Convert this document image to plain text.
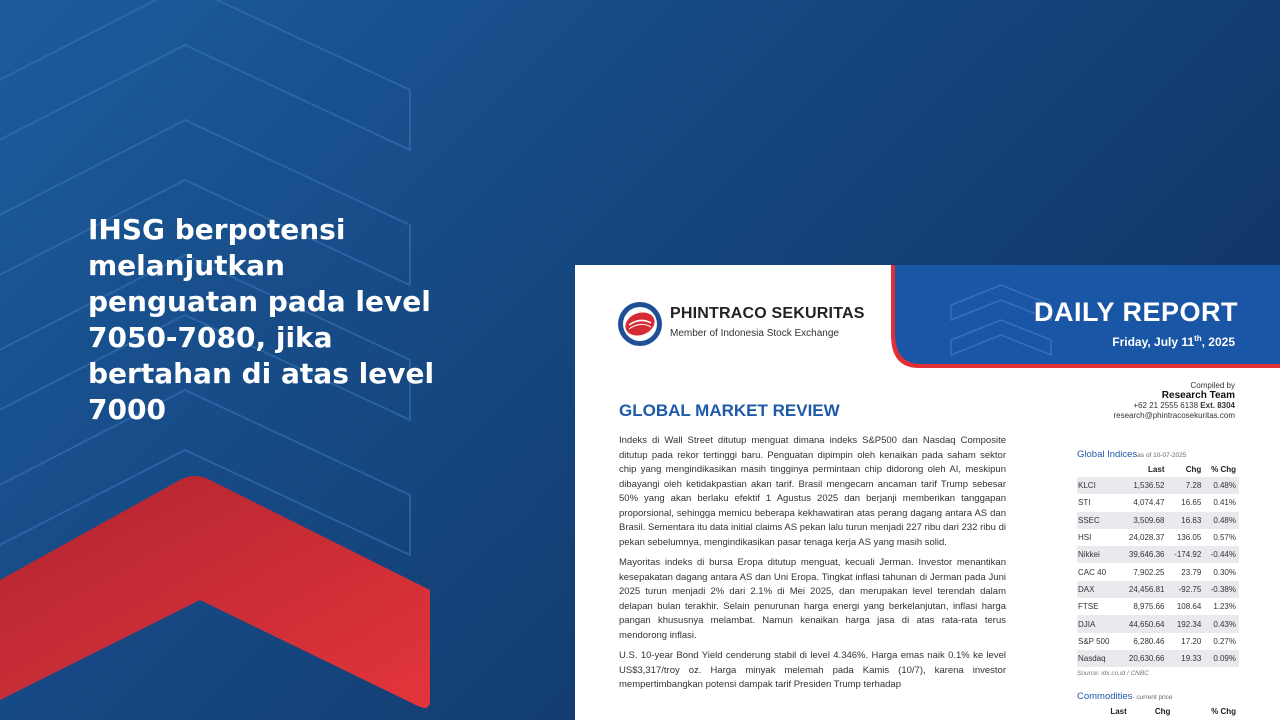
IHSG berpotensi
melanjutkan
penguatan pada level
7050-7080, jika
bertahan di atas level
7000
PHINTRACO SEKURITAS
Member of Indonesia Stock Exchange
DAILY REPORT
Friday, July 11th, 2025
Compiled by
Research Team
+62 21 2555 6138 Ext. 8304
research@phintracosekuritas.com
GLOBAL MARKET REVIEW

Indeks di Wall Street ditutup menguat dimana indeks S&P500 dan Nasdaq Composite ditutup pada rekor tertinggi baru. Penguatan dipimpin oleh kenaikan pada saham sektor chip yang mengindikasikan masih tingginya permintaan chip didorong oleh AI, meskipun dibayangi oleh ketidakpastian akan tarif. Brasil mengecam ancaman tarif Trump sebesar 50% yang akan berlaku efektif 1 Agustus 2025 dan berjanji memberikan tanggapan proporsional, sehingga memicu beberapa kekhawatiran atas perang dagang antara AS dan Brasil. Sementara itu data initial claims AS pekan lalu turun menjadi 227 ribu dari 232 ribu di pekan sebelumnya, mengindikasikan pasar tenaga kerja AS yang masih solid.

Mayoritas indeks di bursa Eropa ditutup menguat, kecuali Jerman. Investor menantikan kesepakatan dagang antara AS dan Uni Eropa. Tingkat inflasi tahunan di Jerman pada Juni 2025 turun menjadi 2% dari 2.1% di Mei 2025, dan merupakan level terendah dalam delapan bulan terakhir. Selain penurunan harga energi yang berkelanjutan, inflasi harga pangan khususnya melambat. Namun kenaikan harga jasa di atas rata-rata terus mendorong inflasi.

U.S. 10-year Bond Yield cenderung stabil di level 4.346%. Harga emas naik 0.1% ke level US$3,317/troy oz. Harga minyak melemah pada Kamis (10/7), karena investor mempertimbangkan potensi dampak tarif Presiden Trump terhadap

Global Indicesas of 10-07-2025
	Last	Chg	% Chg
KLCI	1,536.52	7.28	0.48%
STI	4,074.47	16.65	0.41%
SSEC	3,509.68	16.63	0.48%
HSI	24,028.37	136.05	0.57%
Nikkei	39,646.36	-174.92	-0.44%
CAC 40	7,902.25	23.79	0.30%
DAX	24,456.81	-92.75	-0.38%
FTSE	8,975.66	108.64	1.23%
DJIA	44,650.64	192.34	0.43%
S&P 500	6,280.46	17.20	0.27%
Nasdaq	20,630.66	19.33	0.09%
Source: idx.co.id / CNBC
Commodities- current price
	Last	Chg	% Chg
